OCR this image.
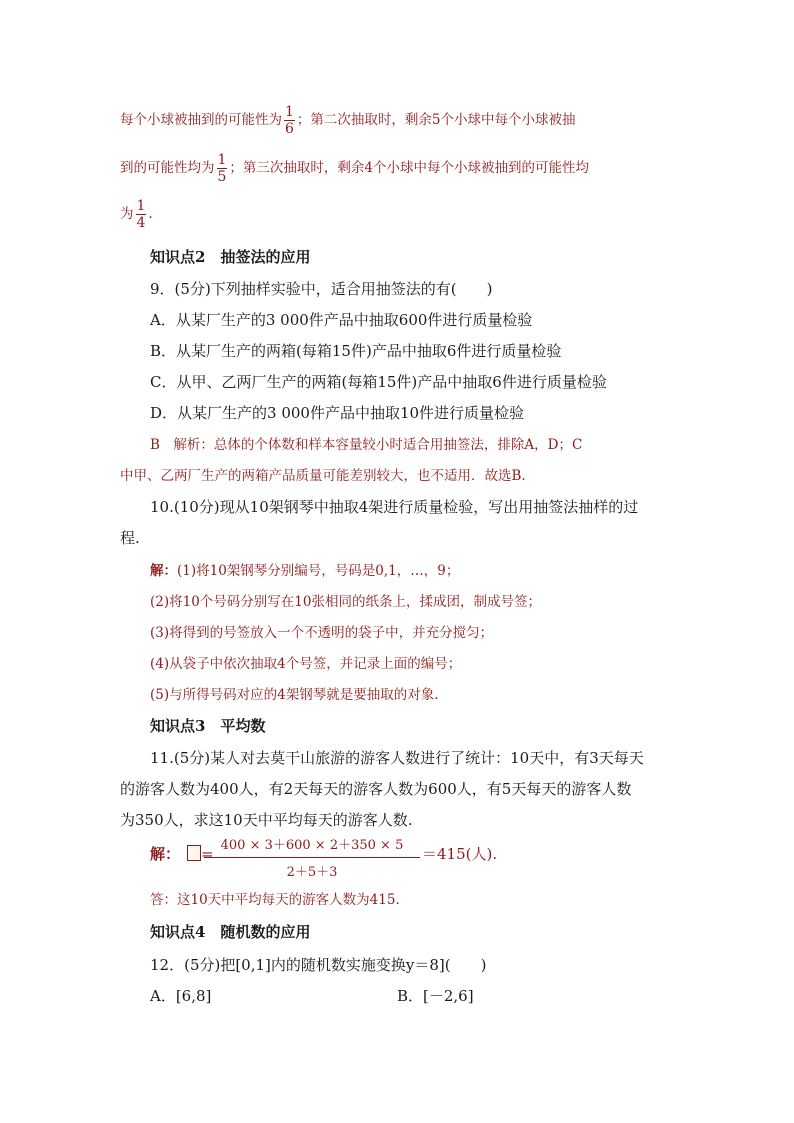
每个小球被抽到的可能性为 $\frac{1}{6}$ ；第二次抽取时，剩余5个小球中每个小球被抽
到的可能性均为 $\frac{1}{5}$ ；第三次抽取时，剩余4个小球中每个小球被抽到的可能性均
为 $\frac{1}{4}$ .
知识点2　抽签法的应用
9．(5分)下列抽样实验中，适合用抽签法的有(　　)
A．从某厂生产的3 000件产品中抽取600件进行质量检验
B．从某厂生产的两箱(每箱15件)产品中抽取6件进行质量检验
C．从甲、乙两厂生产的两箱(每箱15件)产品中抽取6件进行质量检验
D．从某厂生产的3 000件产品中抽取10件进行质量检验
B　解析：总体的个体数和样本容量较小时适合用抽签法，排除A，D；C
中甲、乙两厂生产的两箱产品质量可能差别较大，也不适用．故选B.
10.(10分)现从10架钢琴中抽取4架进行质量检验，写出用抽签法抽样的过
程.
解：(1)将10架钢琴分别编号，号码是0,1，…，9；
(2)将10个号码分别写在10张相同的纸条上，揉成团，制成号签；
(3)将得到的号签放入一个不透明的袋子中，并充分搅匀；
(4)从袋子中依次抽取4个号签，并记录上面的编号；
(5)与所得号码对应的4架钢琴就是要抽取的对象.
知识点3　平均数
11.(5分)某人对去莫干山旅游的游客人数进行了统计：10天中，有3天每天
的游客人数为400人，有2天每天的游客人数为600人，有5天每天的游客人数
为350人，求这10天中平均每天的游客人数.
解： =
$\frac{400 \times 3+600 \times 2+350 \times 5}{2+5+3} =415$(人).
答：这10天中平均每天的游客人数为415.
知识点4　随机数的应用
12．(5分)把[0,1]内的随机数实施变换y＝8](　　)
A．[6,8]	B．[－2,6]
